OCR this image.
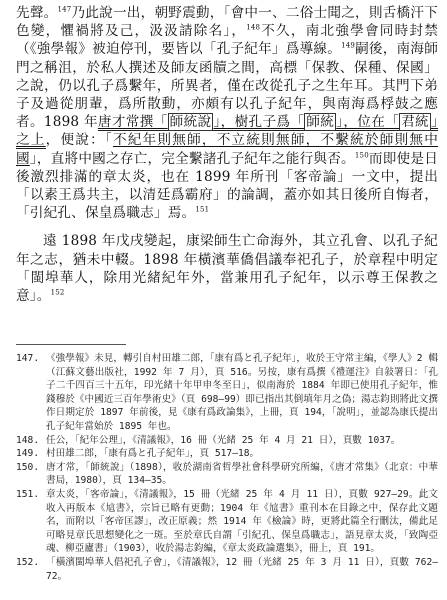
先聲。$^{147}$乃此說一出，朝野震動，「會中一、二俗士聞之，則舌橋汗下色變，懼禍將及己，汲汲請除名」，$^{148}$不久，南北強學會同時封禁（《強學報》被迫停刊，要皆以「孔子紀年」爲導線。$^{149}$嗣後，南海師門之稱沮，於私人撰述及師友函牘之間，高標「保教、保種、保國」之說，仍以孔子爲繫年，所異者，僅在改從孔子之生年耳。其門下弟子及過從朋輩，爲所散動，亦頗有以孔子紀年，與南海爲桴鼓之應者。1898 年唐才常撰「 師統說 」，樹孔子爲「 師統 」，位在「 君統 」之上，便說：「不紀年則無師，不立統則無師，不繫統於師則無中國」，直將中國之存亡，完全繫諸孔子紀年之能行與否。$^{150}$而即使是日後激烈排滿的章太炎，也在 1899 年所刊「客帝論」一文中，提出「以素王爲共主，以清廷爲霸府」的論調，蓋亦如其日後所自悔者，「引紀孔、保皇爲職志」焉。$^{151}$

遠 1898 年戊戌變起，康梁師生亡命海外，其立孔會、以孔子紀年之志，猶未中輟。1898 年橫濱華僑倡議奉祀孔子，於章程中明定「閩埠華人，除用光緒紀年外，當兼用孔子紀年，以示尊王保教之意」。$^{152}$

147. 《強學報》未見，轉引自村田雄二郎，「康有爲と孔子紀年」，收於王守常主編，《學人》2 輯（江蘇文藝出版社，1992 年 7 月），頁 516。另按，康有爲撰《禮運注》自敍署日：「孔子二千四百三十五年，印光緒十年甲申冬至日」，似南海於 1884 年即已使用孔子紀年，惟錢穆於《中國近三百年學術史》（頁 698–99）即已指出其倒填年月之偽；湯志鈞則將此文撰作日期定於 1897 年前後，見《康有爲政論集》，上冊，頁 194，「說明」，並認為康氏提出孔子紀年當始於 1895 年也。

148. 任公，「紀年公理」，《清議報》，16 冊（光緒 25 年 4 月 21 日），頁數 1037。

149. 村田雄二郎，「康有爲と孔子紀年」，頁 517–18。

150. 唐才常，「師統說」（1898），收於湖南省哲學社會科學研究所編，《唐才常集》（北京：中華書局，1980），頁 134–35。

151. 章太炎，「客帝論」，《清議報》，15 冊（光緒 25 年 4 月 11 日），頁數 927–29。此文收入再版本《訄書》，宗旨已略有更動；1904 年《訄書》重刊本在目錄之中，保存此文題名，而附以「客帝匡謬」，改正原義；然 1914 年《檢論》時，更將此篇全行刪汰，備此足可略見章氏思想變化之一斑。至於章氏自謂「引紀孔、保皇爲職志」，語見章太炎，「致陶亞魂、柳亞廬書」（1903），收於湯志鈞編，《章太炎政論選集》，冊上，頁 191。

152. 「橫濱閩埠華人倡祀孔子會」，《清議報》，12 冊（光緒 25 年 3 月 11 日），頁數 762–72。
